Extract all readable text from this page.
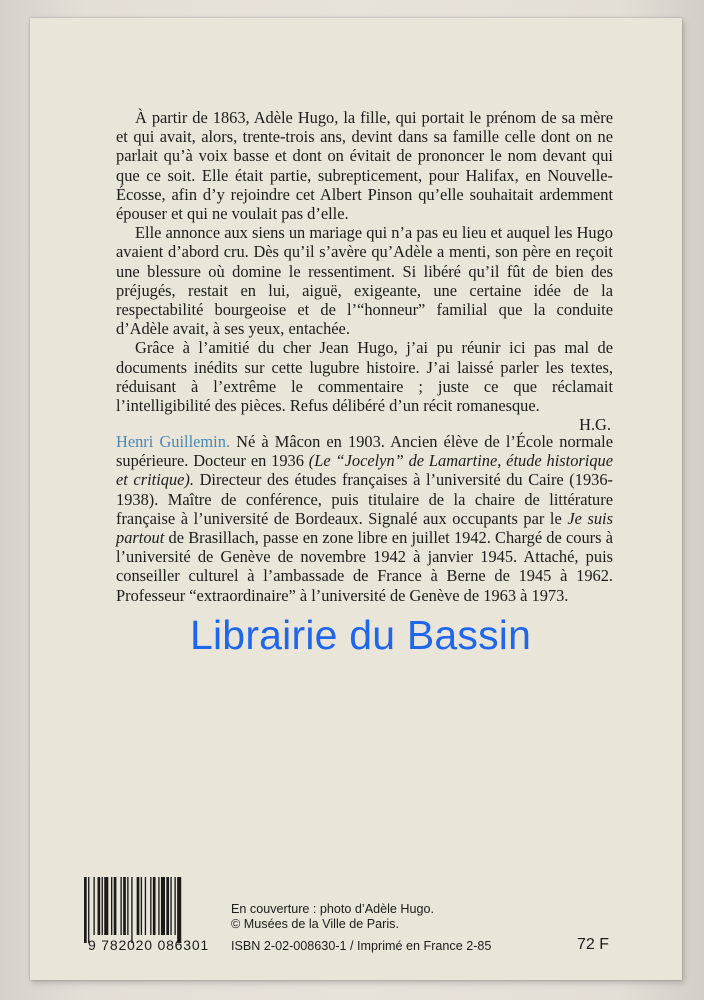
À partir de 1863, Adèle Hugo, la fille, qui portait le prénom de sa mère et qui avait, alors, trente-trois ans, devint dans sa famille celle dont on ne parlait qu’à voix basse et dont on évitait de prononcer le nom devant qui que ce soit. Elle était partie, subrepticement, pour Halifax, en Nouvelle-Écosse, afin d’y rejoindre cet Albert Pinson qu’elle souhaitait ardemment épouser et qui ne voulait pas d’elle.

Elle annonce aux siens un mariage qui n’a pas eu lieu et auquel les Hugo avaient d’abord cru. Dès qu’il s’avère qu’Adèle a menti, son père en reçoit une blessure où domine le ressentiment. Si libéré qu’il fût de bien des préjugés, restait en lui, aiguë, exigeante, une certaine idée de la respectabilité bourgeoise et de l’“honneur” familial que la conduite d’Adèle avait, à ses yeux, entachée.

Grâce à l’amitié du cher Jean Hugo, j’ai pu réunir ici pas mal de documents inédits sur cette lugubre histoire. J’ai laissé parler les textes, réduisant à l’extrême le commentaire ; juste ce que réclamait l’intelligibilité des pièces. Refus délibéré d’un récit romanesque.

H.G.

Henri Guillemin. Né à Mâcon en 1903. Ancien élève de l’École normale supérieure. Docteur en 1936 (Le “Jocelyn” de Lamartine, étude historique et critique). Directeur des études françaises à l’université du Caire (1936-1938). Maître de conférence, puis titulaire de la chaire de littérature française à l’université de Bordeaux. Signalé aux occupants par le Je suis partout de Brasillach, passe en zone libre en juillet 1942. Chargé de cours à l’université de Genève de novembre 1942 à janvier 1945. Attaché, puis conseiller culturel à l’ambassade de France à Berne de 1945 à 1962. Professeur “extraordinaire” à l’université de Genève de 1963 à 1973.

Librairie du Bassin
9 782020 086301
En couverture : photo d’Adèle Hugo.
© Musées de la Ville de Paris.
ISBN 2-02-008630-1 / Imprimé en France 2-85	72 F
